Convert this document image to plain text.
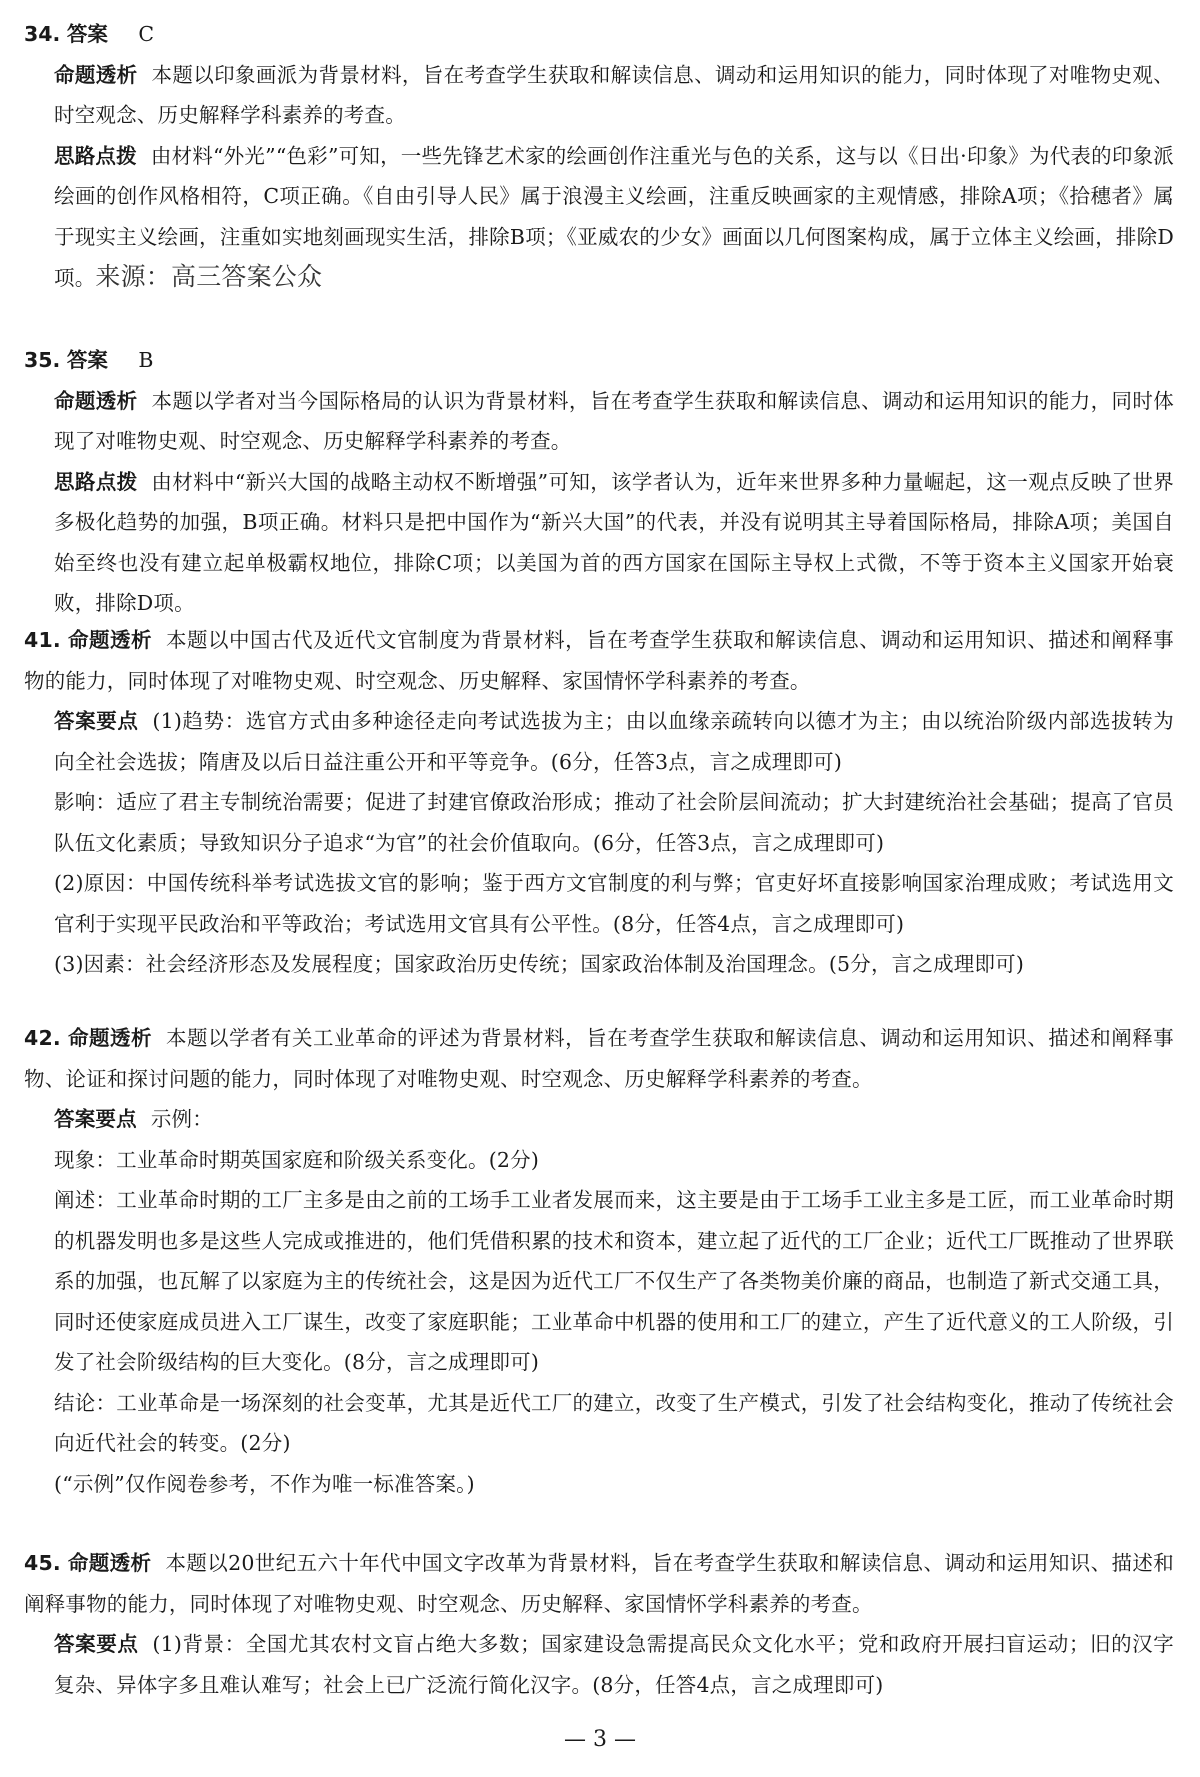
34. 答案 C

命题透析 本题以印象画派为背景材料，旨在考查学生获取和解读信息、调动和运用知识的能力，同时体现了对唯物史观、时空观念、历史解释学科素养的考查。

思路点拨 由材料“外光”“色彩”可知，一些先锋艺术家的绘画创作注重光与色的关系，这与以《日出·印象》为代表的印象派绘画的创作风格相符，C项正确。《自由引导人民》属于浪漫主义绘画，注重反映画家的主观情感，排除A项；《拾穗者》属于现实主义绘画，注重如实地刻画现实生活，排除B项；《亚威农的少女》画面以几何图案构成，属于立体主义绘画，排除D项。来源：高三答案公众

35. 答案 B

命题透析 本题以学者对当今国际格局的认识为背景材料，旨在考查学生获取和解读信息、调动和运用知识的能力，同时体现了对唯物史观、时空观念、历史解释学科素养的考查。

思路点拨 由材料中“新兴大国的战略主动权不断增强”可知，该学者认为，近年来世界多种力量崛起，这一观点反映了世界多极化趋势的加强，B项正确。材料只是把中国作为“新兴大国”的代表，并没有说明其主导着国际格局，排除A项；美国自始至终也没有建立起单极霸权地位，排除C项；以美国为首的西方国家在国际主导权上式微，不等于资本主义国家开始衰败，排除D项。

41. 命题透析 本题以中国古代及近代文官制度为背景材料，旨在考查学生获取和解读信息、调动和运用知识、描述和阐释事物的能力，同时体现了对唯物史观、时空观念、历史解释、家国情怀学科素养的考查。

答案要点 (1)趋势：选官方式由多种途径走向考试选拔为主；由以血缘亲疏转向以德才为主；由以统治阶级内部选拔转为向全社会选拔；隋唐及以后日益注重公开和平等竞争。(6分，任答3点，言之成理即可)

影响：适应了君主专制统治需要；促进了封建官僚政治形成；推动了社会阶层间流动；扩大封建统治社会基础；提高了官员队伍文化素质；导致知识分子追求“为官”的社会价值取向。(6分，任答3点，言之成理即可)

(2)原因：中国传统科举考试选拔文官的影响；鉴于西方文官制度的利与弊；官吏好坏直接影响国家治理成败；考试选用文官利于实现平民政治和平等政治；考试选用文官具有公平性。(8分，任答4点，言之成理即可)

(3)因素：社会经济形态及发展程度；国家政治历史传统；国家政治体制及治国理念。(5分，言之成理即可)

42. 命题透析 本题以学者有关工业革命的评述为背景材料，旨在考查学生获取和解读信息、调动和运用知识、描述和阐释事物、论证和探讨问题的能力，同时体现了对唯物史观、时空观念、历史解释学科素养的考查。

答案要点 示例：

现象：工业革命时期英国家庭和阶级关系变化。(2分)

阐述：工业革命时期的工厂主多是由之前的工场手工业者发展而来，这主要是由于工场手工业主多是工匠，而工业革命时期的机器发明也多是这些人完成或推进的，他们凭借积累的技术和资本，建立起了近代的工厂企业；近代工厂既推动了世界联系的加强，也瓦解了以家庭为主的传统社会，这是因为近代工厂不仅生产了各类物美价廉的商品，也制造了新式交通工具，同时还使家庭成员进入工厂谋生，改变了家庭职能；工业革命中机器的使用和工厂的建立，产生了近代意义的工人阶级，引发了社会阶级结构的巨大变化。(8分，言之成理即可)

结论：工业革命是一场深刻的社会变革，尤其是近代工厂的建立，改变了生产模式，引发了社会结构变化，推动了传统社会向近代社会的转变。(2分)

(“示例”仅作阅卷参考，不作为唯一标准答案。)

45. 命题透析 本题以20世纪五六十年代中国文字改革为背景材料，旨在考查学生获取和解读信息、调动和运用知识、描述和阐释事物的能力，同时体现了对唯物史观、时空观念、历史解释、家国情怀学科素养的考查。

答案要点 (1)背景：全国尤其农村文盲占绝大多数；国家建设急需提高民众文化水平；党和政府开展扫盲运动；旧的汉字复杂、异体字多且难认难写；社会上已广泛流行简化汉字。(8分，任答4点，言之成理即可)

— 3 —
